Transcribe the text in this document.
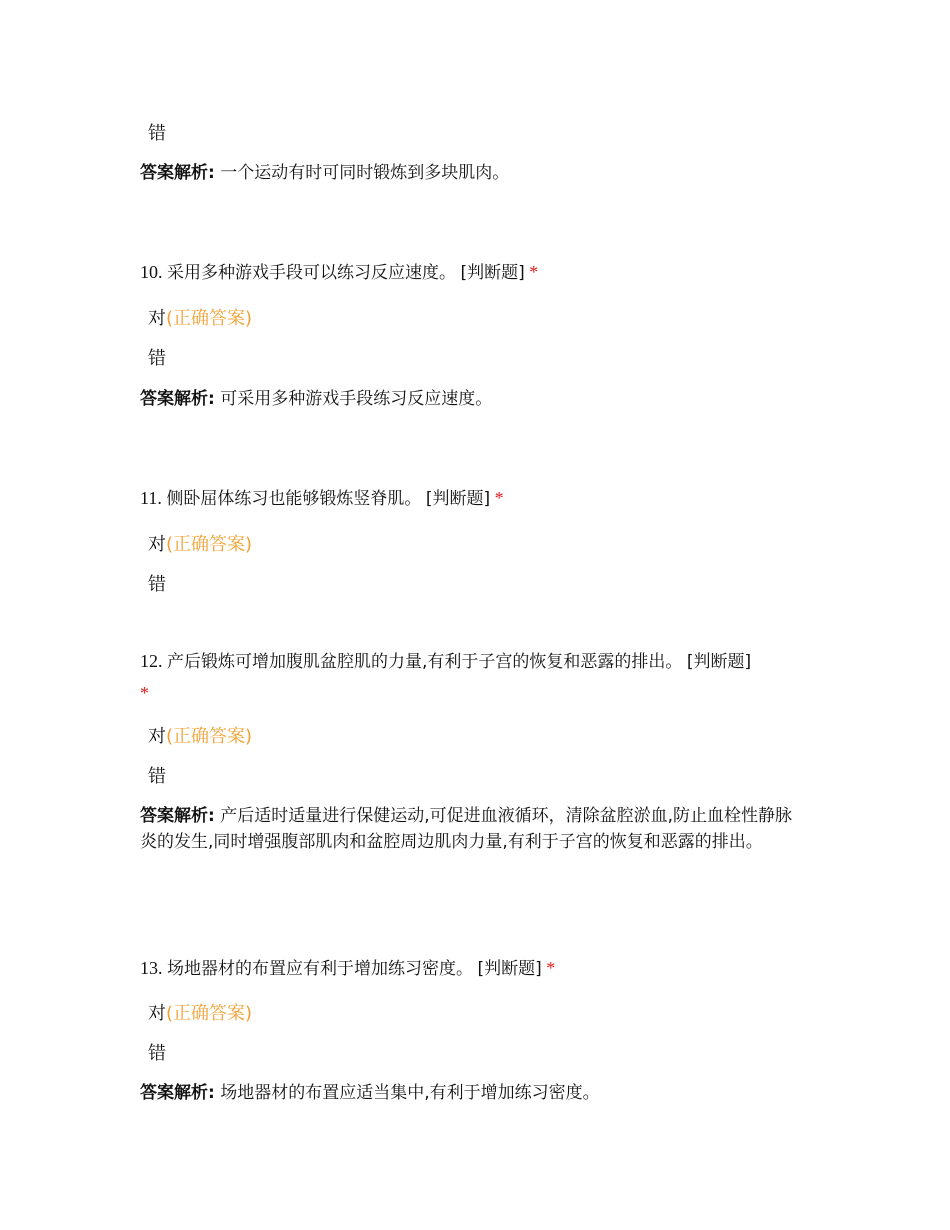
错
答案解析: 一个运动有时可同时锻炼到多块肌肉。
10. 采用多种游戏手段可以练习反应速度。 [判断题] *
对(正确答案)
错
答案解析: 可采用多种游戏手段练习反应速度。
11. 侧卧屈体练习也能够锻炼竖脊肌。 [判断题] *
对(正确答案)
错
12. 产后锻炼可增加腹肌盆腔肌的力量,有利于子宫的恢复和恶露的排出。 [判断题]
*
对(正确答案)
错
答案解析: 产后适时适量进行保健运动,可促进血液循环，清除盆腔淤血,防止血栓性静脉炎的发生,同时增强腹部肌肉和盆腔周边肌肉力量,有利于子宫的恢复和恶露的排出。
13. 场地器材的布置应有利于增加练习密度。 [判断题] *
对(正确答案)
错
答案解析: 场地器材的布置应适当集中,有利于增加练习密度。
